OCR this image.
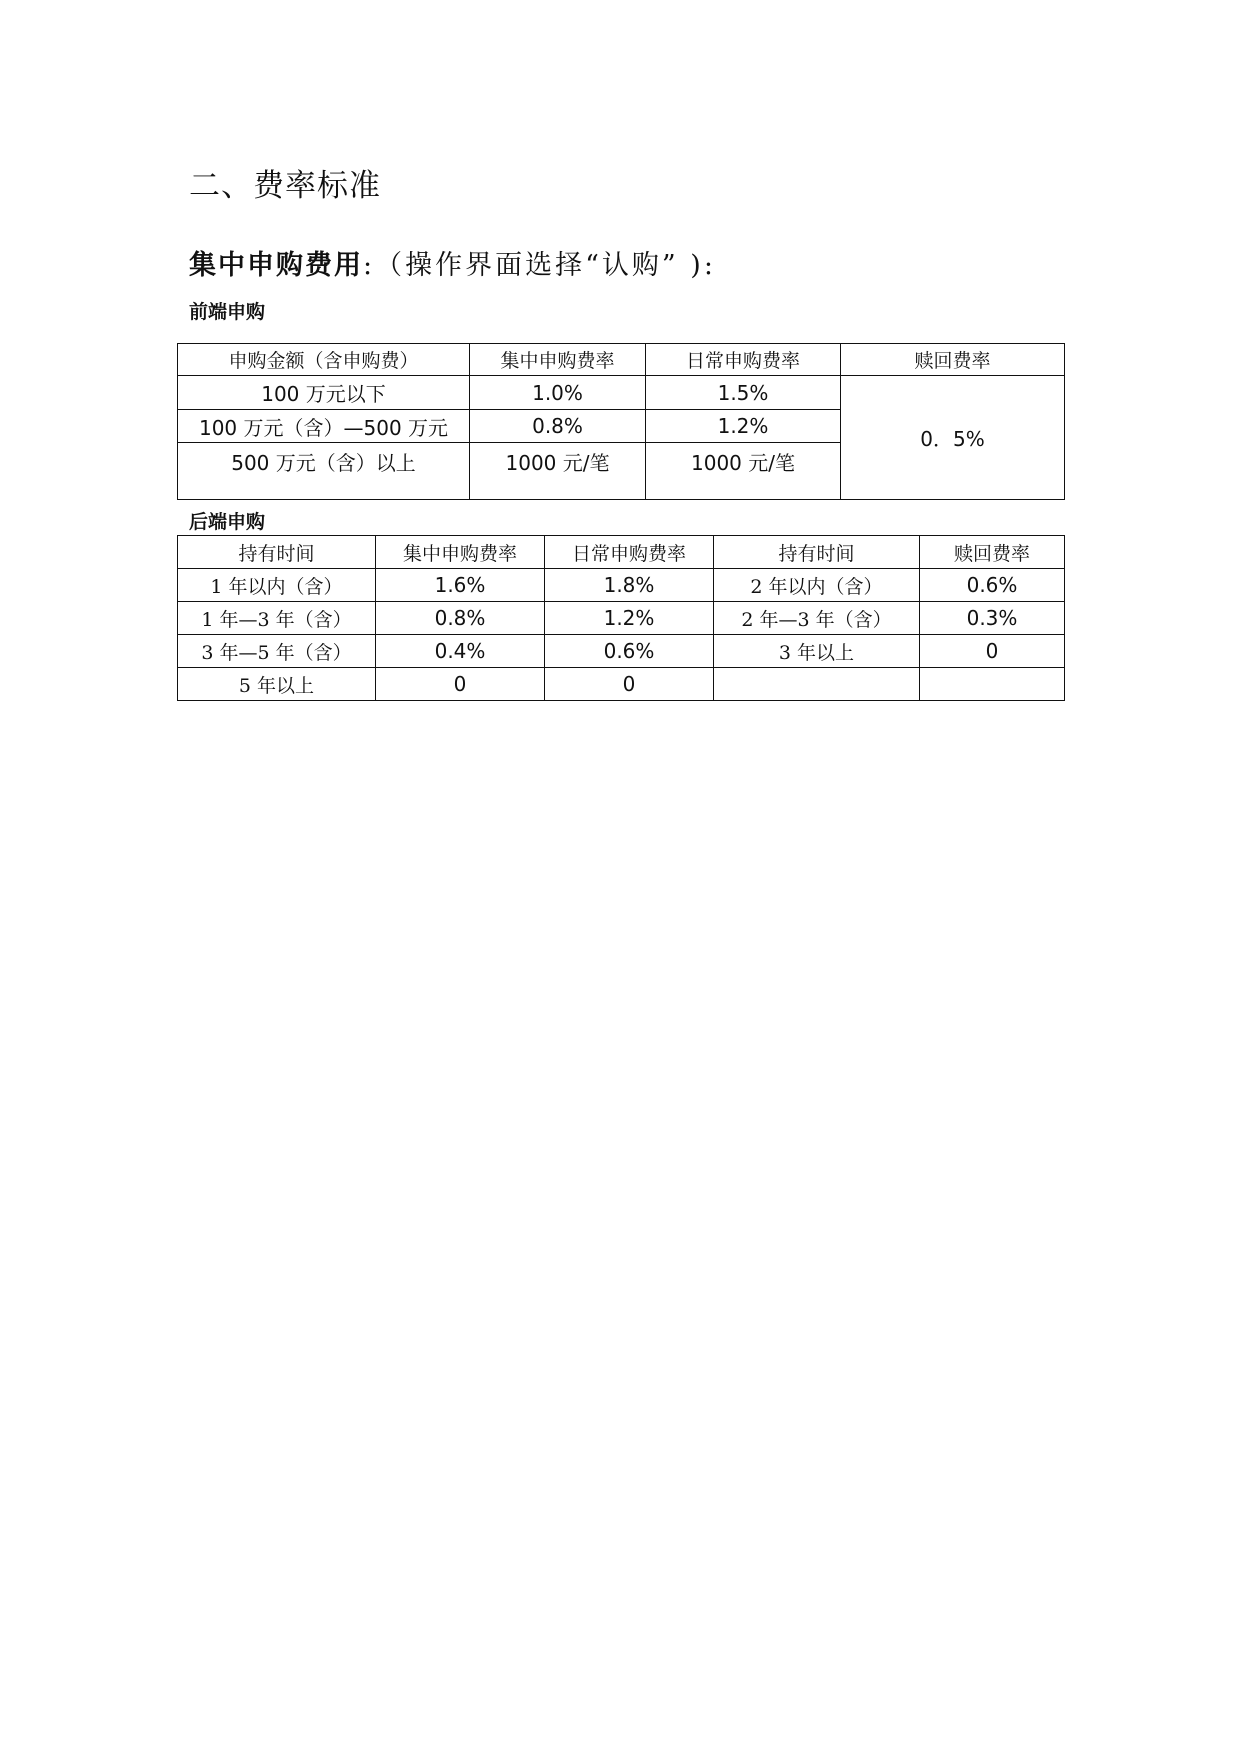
二、费率标准
集中申购费用:（操作界面选择“认购” ):
前端申购
申购金额（含申购费）	集中申购费率	日常申购费率	赎回费率
100 万元以下	1.0%	1.5%	0．5%
100 万元（含）—500 万元	0.8%	1.2%	
500 万元（含）以上	1000 元/笔	1000 元/笔	
后端申购
持有时间	集中申购费率	日常申购费率	持有时间	赎回费率
1 年以内（含）	1.6%	1.8%	2 年以内（含）	0.6%
1 年—3 年（含）	0.8%	1.2%	2 年—3 年（含）	0.3%
3 年—5 年（含）	0.4%	0.6%	3 年以上	0
5 年以上	0	0		
